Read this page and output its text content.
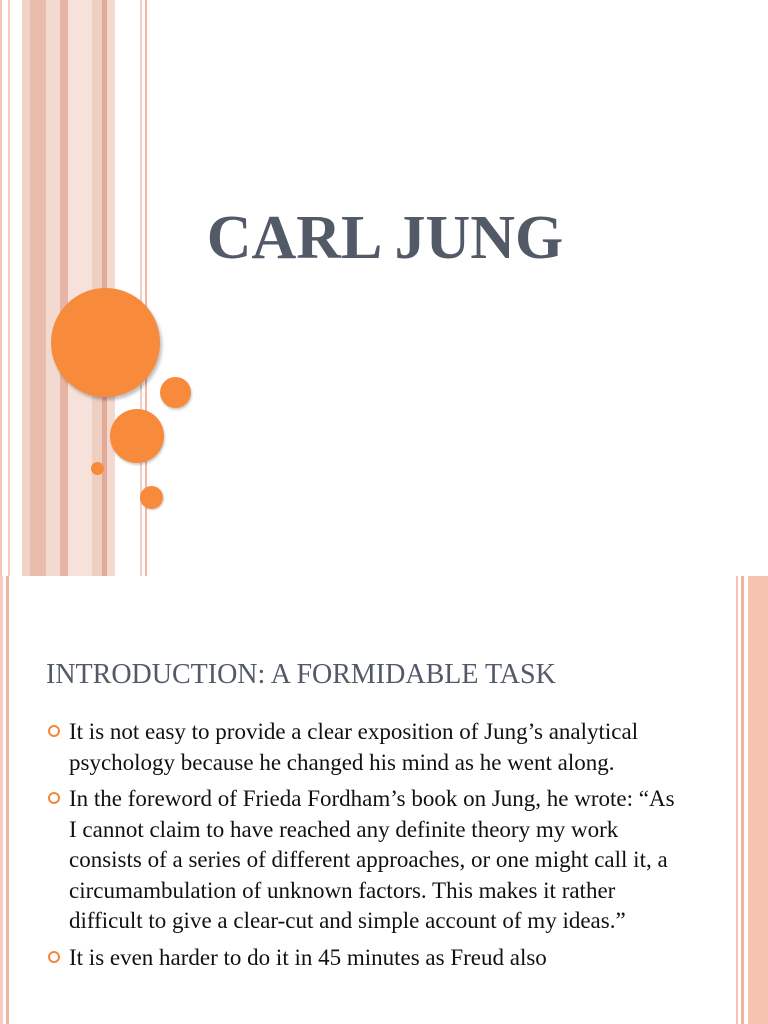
CARL JUNG
INTRODUCTION: A FORMIDABLE TASK
It is not easy to provide a clear exposition of Jung’s analytical psychology because he changed his mind as he went along.
In the foreword of Frieda Fordham’s book on Jung, he wrote: “As I cannot claim to have reached any definite theory my work consists of a series of different approaches, or one might call it, a circumambulation of unknown factors. This makes it rather difficult to give a clear-cut and simple account of my ideas.”
It is even harder to do it in 45 minutes as Freud also
